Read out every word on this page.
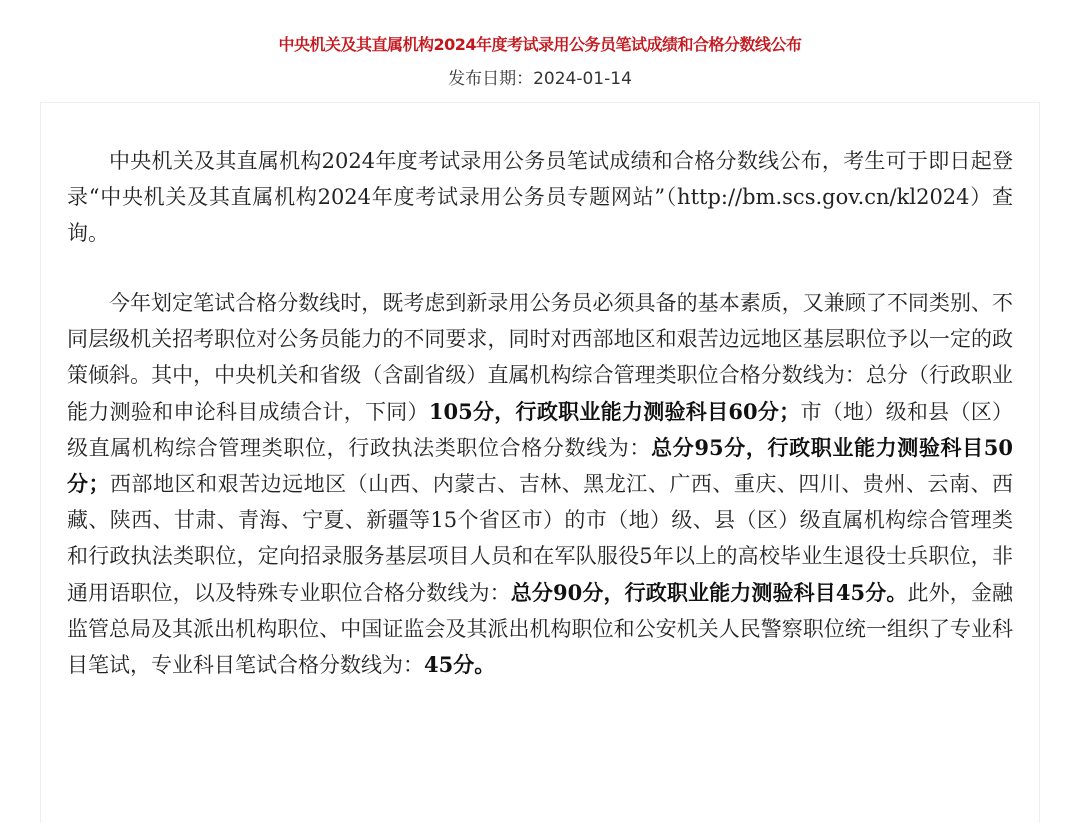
中央机关及其直属机构2024年度考试录用公务员笔试成绩和合格分数线公布
发布日期：2024-01-14

中央机关及其直属机构2024年度考试录用公务员笔试成绩和合格分数线公布，考生可于即日起登录“中央机关及其直属机构2024年度考试录用公务员专题网站”（http://bm.scs.gov.cn/kl2024）查询。

今年划定笔试合格分数线时，既考虑到新录用公务员必须具备的基本素质，又兼顾了不同类别、不同层级机关招考职位对公务员能力的不同要求，同时对西部地区和艰苦边远地区基层职位予以一定的政策倾斜。其中，中央机关和省级（含副省级）直属机构综合管理类职位合格分数线为：总分（行政职业能力测验和申论科目成绩合计，下同）105分，行政职业能力测验科目60分；市（地）级和县（区）级直属机构综合管理类职位，行政执法类职位合格分数线为：总分95分，行政职业能力测验科目50分；西部地区和艰苦边远地区（山西、内蒙古、吉林、黑龙江、广西、重庆、四川、贵州、云南、西藏、陕西、甘肃、青海、宁夏、新疆等15个省区市）的市（地）级、县（区）级直属机构综合管理类和行政执法类职位，定向招录服务基层项目人员和在军队服役5年以上的高校毕业生退役士兵职位，非通用语职位，以及特殊专业职位合格分数线为：总分90分，行政职业能力测验科目45分。此外，金融监管总局及其派出机构职位、中国证监会及其派出机构职位和公安机关人民警察职位统一组织了专业科目笔试，专业科目笔试合格分数线为：45分。
